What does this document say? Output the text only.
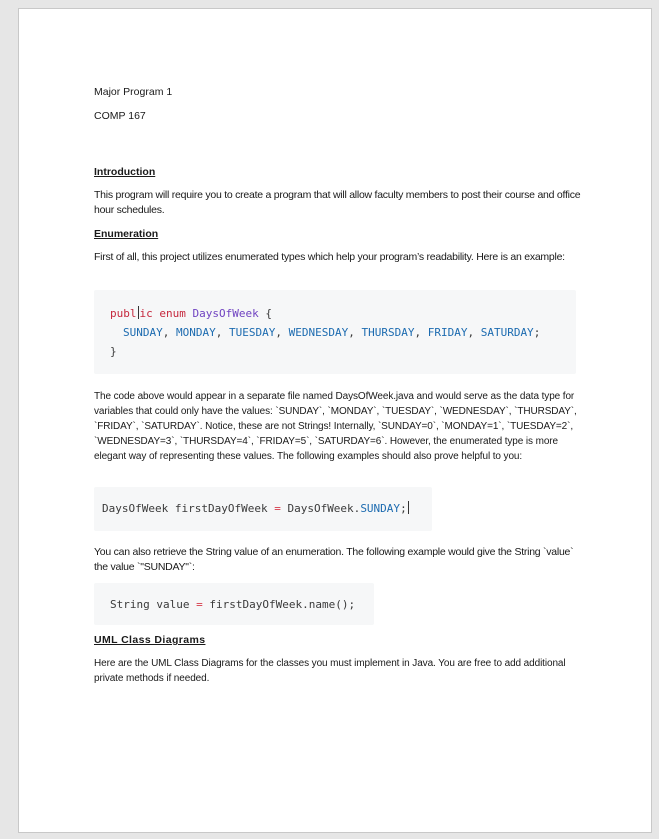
Major Program 1
COMP 167
Introduction
This program will require you to create a program that will allow faculty members to post their course and office hour schedules.
Enumeration
First of all, this project utilizes enumerated types which help your program’s readability. Here is an example:
publ ic enum DaysOfWeek {
SUNDAY, MONDAY, TUESDAY, WEDNESDAY, THURSDAY, FRIDAY, SATURDAY;
}
The code above would appear in a separate file named DaysOfWeek.java and would serve as the data type for variables that could only have the values: `SUNDAY`, `MONDAY`, `TUESDAY`, `WEDNESDAY`, `THURSDAY`, `FRIDAY`, `SATURDAY`. Notice, these are not Strings! Internally, `SUNDAY=0`, `MONDAY=1`, `TUESDAY=2`, `WEDNESDAY=3`, `THURSDAY=4`, `FRIDAY=5`, `SATURDAY=6`. However, the enumerated type is more elegant way of representing these values. The following examples should also prove helpful to you:
DaysOfWeek firstDayOfWeek = DaysOfWeek.SUNDAY;
You can also retrieve the String value of an enumeration. The following example would give the String `value` the value `"SUNDAY"`:
String value = firstDayOfWeek.name();
UML Class Diagrams
Here are the UML Class Diagrams for the classes you must implement in Java. You are free to add additional private methods if needed.
